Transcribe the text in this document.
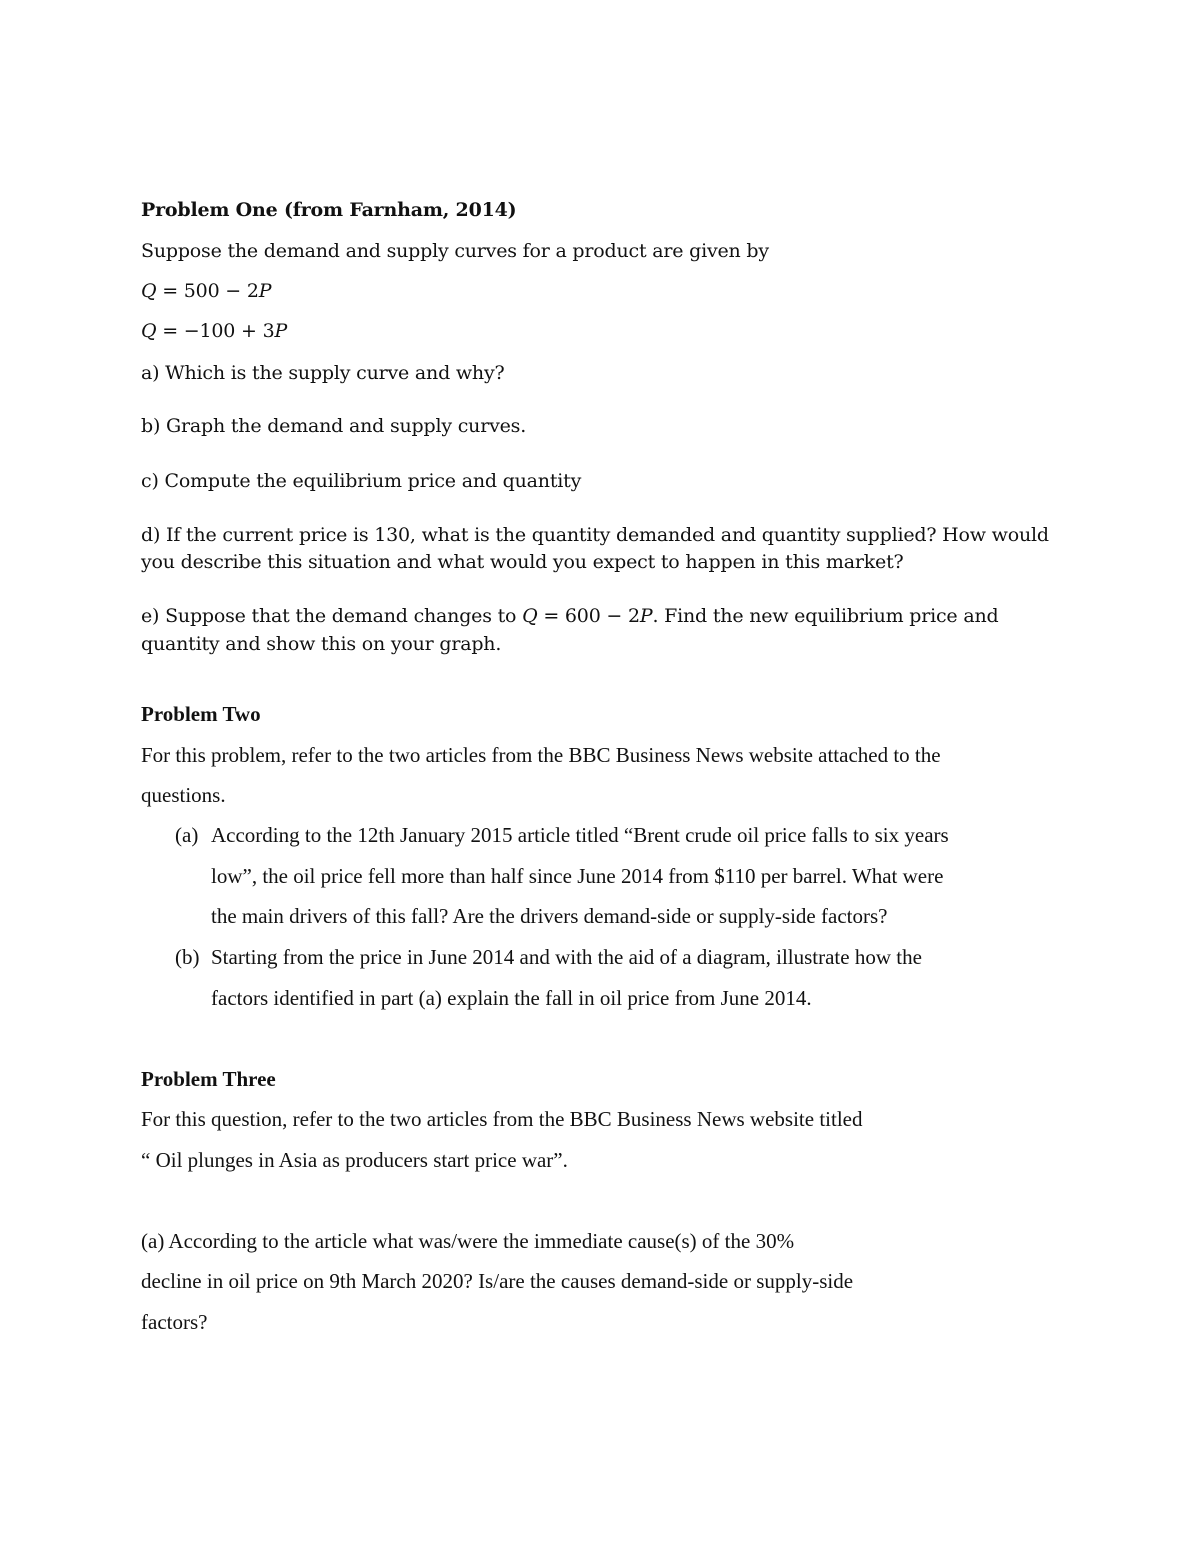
Problem One (from Farnham, 2014)
Suppose the demand and supply curves for a product are given by
Q = 500 − 2P
Q = −100 + 3P
a) Which is the supply curve and why?
b) Graph the demand and supply curves.
c) Compute the equilibrium price and quantity
d) If the current price is 130, what is the quantity demanded and quantity supplied? How would
you describe this situation and what would you expect to happen in this market?
e) Suppose that the demand changes to Q = 600 − 2P. Find the new equilibrium price and
quantity and show this on your graph.
Problem Two
For this problem, refer to the two articles from the BBC Business News website attached to the
questions.
(a) According to the 12th January 2015 article titled “Brent crude oil price falls to six years
low”, the oil price fell more than half since June 2014 from $110 per barrel. What were
the main drivers of this fall? Are the drivers demand-side or supply-side factors?
(b) Starting from the price in June 2014 and with the aid of a diagram, illustrate how the
factors identified in part (a) explain the fall in oil price from June 2014.
Problem Three
For this question, refer to the two articles from the BBC Business News website titled
“ Oil plunges in Asia as producers start price war”.
(a) According to the article what was/were the immediate cause(s) of the 30%
decline in oil price on 9th March 2020? Is/are the causes demand-side or supply-side
factors?
